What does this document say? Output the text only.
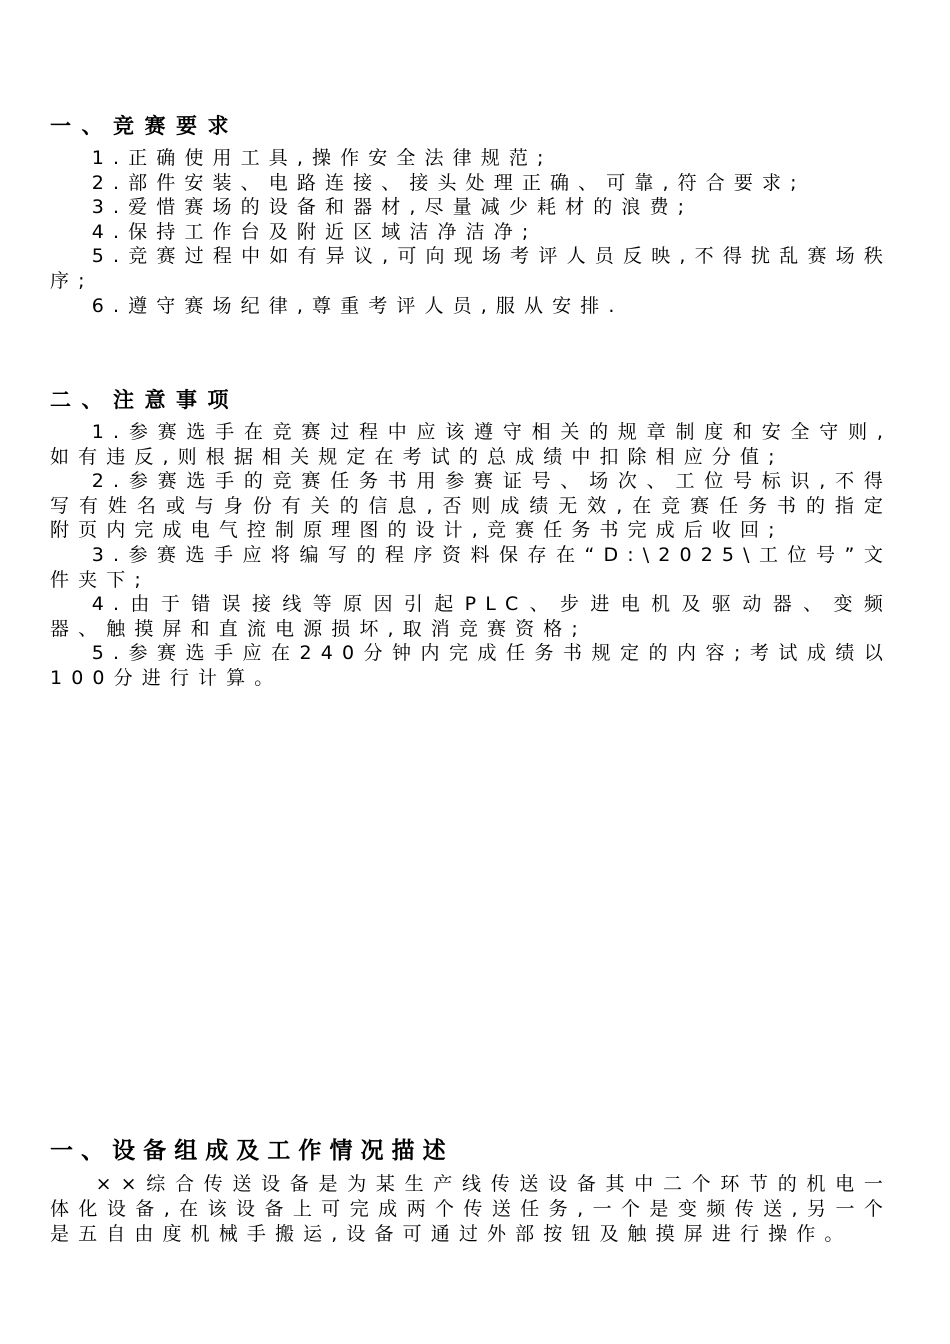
一、竞赛要求

1.正确使用工具,操作安全法律规范;

2.部件安装、电路连接、接头处理正确、可靠,符合要求;

3.爱惜赛场的设备和器材,尽量减少耗材的浪费;

4.保持工作台及附近区域洁净洁净;

5.竞赛过程中如有异议,可向现场考评人员反映,不得扰乱赛场秩序;

6.遵守赛场纪律,尊重考评人员,服从安排.

二、注意事项

1.参赛选手在竞赛过程中应该遵守相关的规章制度和安全守则,如有违反,则根据相关规定在考试的总成绩中扣除相应分值;

2.参赛选手的竞赛任务书用参赛证号、场次、工位号标识,不得写有姓名或与身份有关的信息,否则成绩无效,在竞赛任务书的指定附页内完成电气控制原理图的设计,竞赛任务书完成后收回;

3.参赛选手应将编写的程序资料保存在“D:\2025\工位号”文件夹下;

4.由于错误接线等原因引起PLC、步进电机及驱动器、变频器、触摸屏和直流电源损坏,取消竞赛资格;

5.参赛选手应在240分钟内完成任务书规定的内容;考试成绩以100分进行计算。

一、设备组成及工作情况描述

××综合传送设备是为某生产线传送设备其中二个环节的机电一体化设备,在该设备上可完成两个传送任务,一个是变频传送,另一个是五自由度机械手搬运,设备可通过外部按钮及触摸屏进行操作。
